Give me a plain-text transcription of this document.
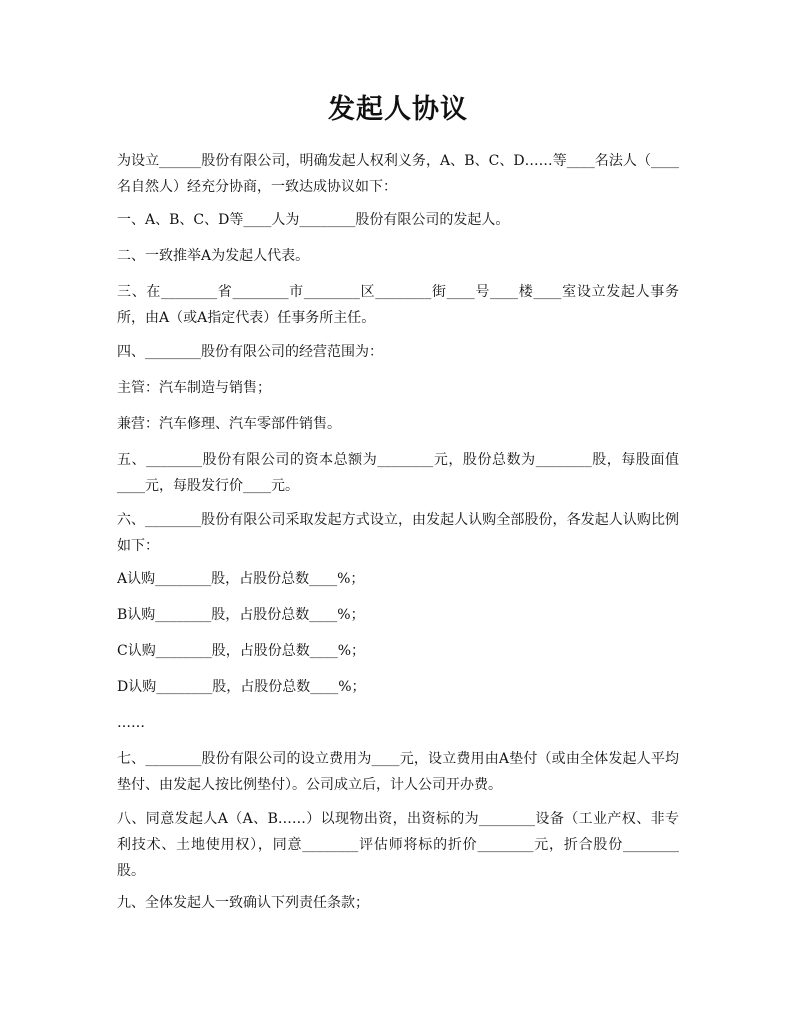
发起人协议
为设立______股份有限公司，明确发起人权利义务，A、B、C、D……等____名法人（____名自然人）经充分协商，一致达成协议如下：
一、A、B、C、D等____人为________股份有限公司的发起人。
二、一致推举A为发起人代表。
三、在________省________市________区________街____号____楼____室设立发起人事务所，由A（或A指定代表）任事务所主任。
四、________股份有限公司的经营范围为：
主管：汽车制造与销售；
兼营：汽车修理、汽车零部件销售。
五、________股份有限公司的资本总额为________元，股份总数为________股，每股面值____元，每股发行价____元。
六、________股份有限公司采取发起方式设立，由发起人认购全部股份，各发起人认购比例如下：
A认购________股，占股份总数____%；
B认购________股，占股份总数____%；
C认购________股，占股份总数____%；
D认购________股，占股份总数____%；
……
七、________股份有限公司的设立费用为____元，设立费用由A垫付（或由全体发起人平均垫付、由发起人按比例垫付）。公司成立后，计人公司开办费。
八、同意发起人A（A、B……）以现物出资，出资标的为________设备（工业产权、非专利技术、土地使用权），同意________评估师将标的折价________元，折合股份________股。
九、全体发起人一致确认下列责任条款；
